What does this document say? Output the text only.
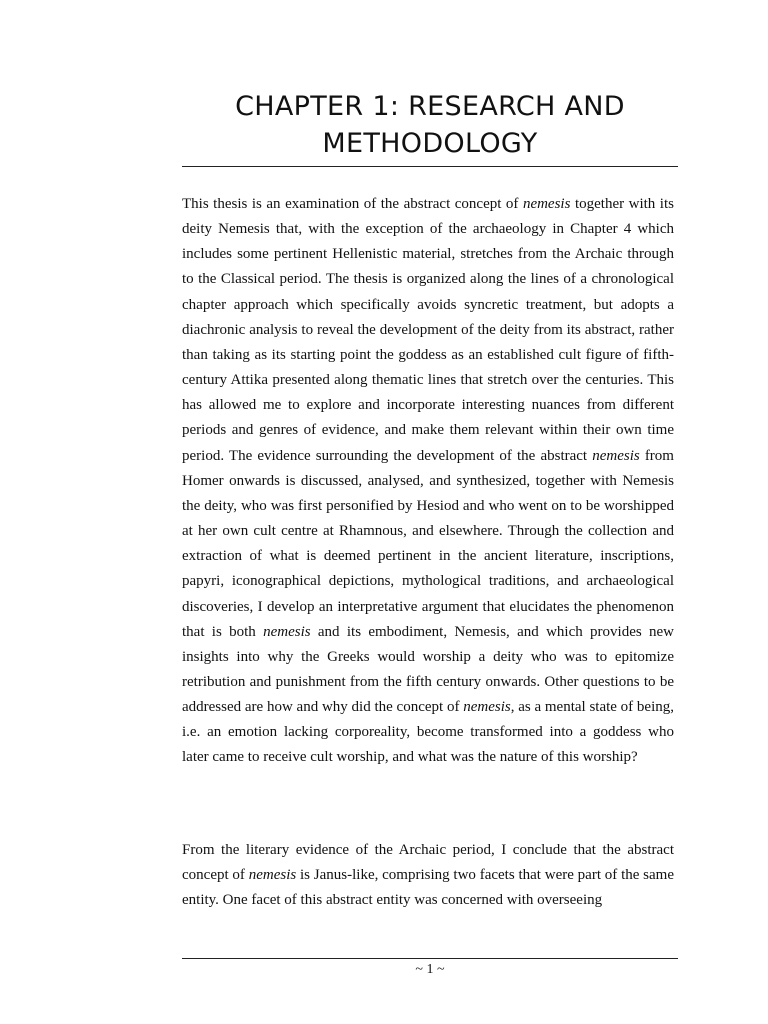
CHAPTER 1: RESEARCH AND
METHODOLOGY

This thesis is an examination of the abstract concept of nemesis together with its deity Nemesis that, with the exception of the archaeology in Chapter 4 which includes some pertinent Hellenistic material, stretches from the Archaic through to the Classical period. The thesis is organized along the lines of a chronological chapter approach which specifically avoids syncretic treatment, but adopts a diachronic analysis to reveal the development of the deity from its abstract, rather than taking as its starting point the goddess as an established cult figure of fifth-century Attika presented along thematic lines that stretch over the centuries. This has allowed me to explore and incorporate interesting nuances from different periods and genres of evidence, and make them relevant within their own time period. The evidence surrounding the development of the abstract nemesis from Homer onwards is discussed, analysed, and synthesized, together with Nemesis the deity, who was first personified by Hesiod and who went on to be worshipped at her own cult centre at Rhamnous, and elsewhere. Through the collection and extraction of what is deemed pertinent in the ancient literature, inscriptions, papyri, iconographical depictions, mythological traditions, and archaeological discoveries, I develop an interpretative argument that elucidates the phenomenon that is both nemesis and its embodiment, Nemesis, and which provides new insights into why the Greeks would worship a deity who was to epitomize retribution and punishment from the fifth century onwards. Other questions to be addressed are how and why did the concept of nemesis, as a mental state of being, i.e. an emotion lacking corporeality, become transformed into a goddess who later came to receive cult worship, and what was the nature of this worship?

From the literary evidence of the Archaic period, I conclude that the abstract concept of nemesis is Janus-like, comprising two facets that were part of the same entity. One facet of this abstract entity was concerned with overseeing

~ 1 ~
